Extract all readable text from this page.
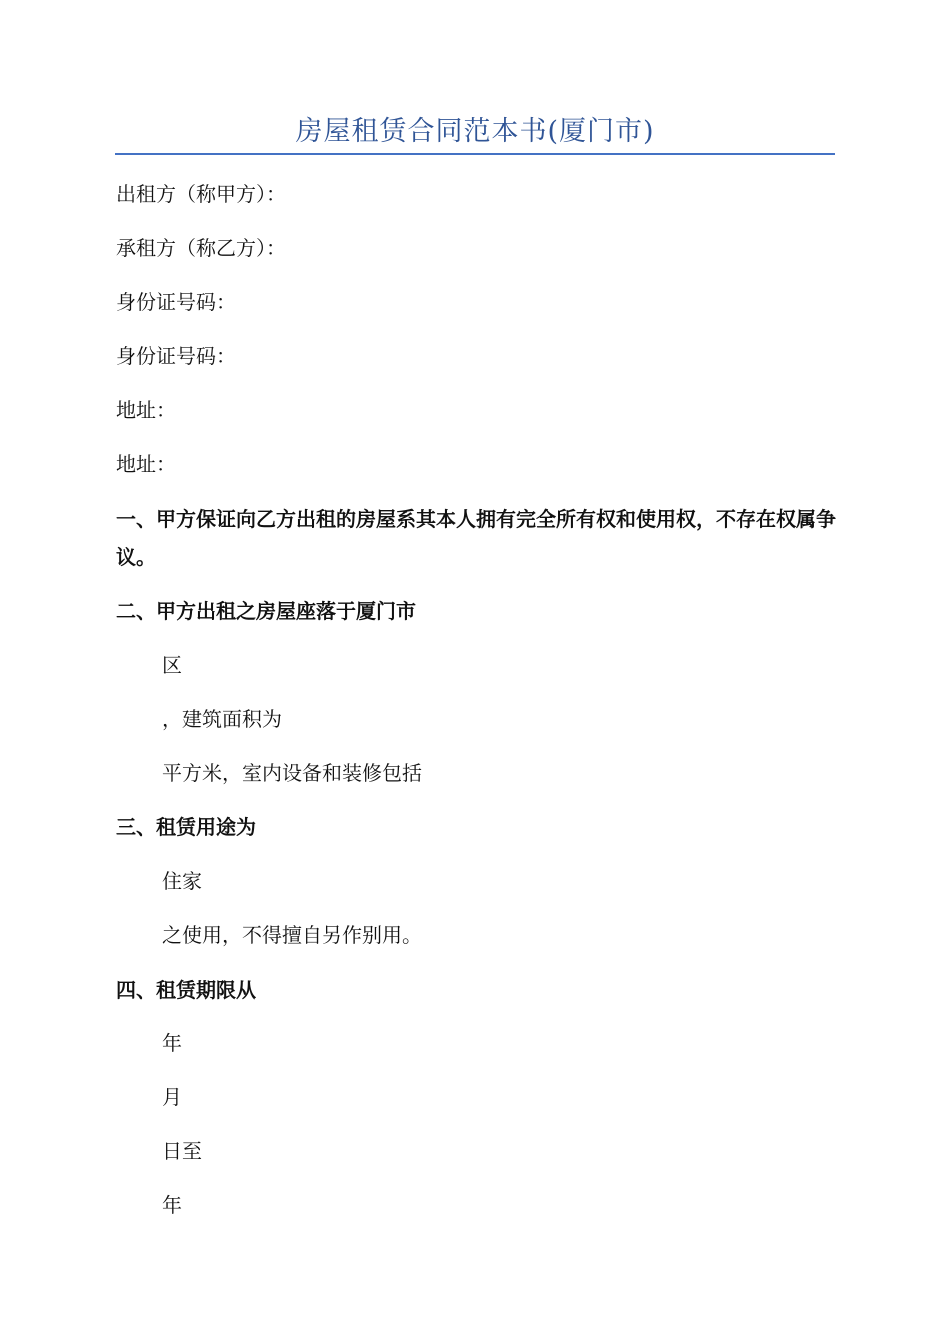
房屋租赁合同范本书(厦门市)
出租方（称甲方）：
承租方（称乙方）：
身份证号码：
身份证号码：
地址：
地址：
一、甲方保证向乙方出租的房屋系其本人拥有完全所有权和使用权，不存在权属争议。
二、甲方出租之房屋座落于厦门市
区
，建筑面积为
平方米，室内设备和装修包括
三、租赁用途为
住家
之使用，不得擅自另作别用。
四、租赁期限从
年
月
日至
年
